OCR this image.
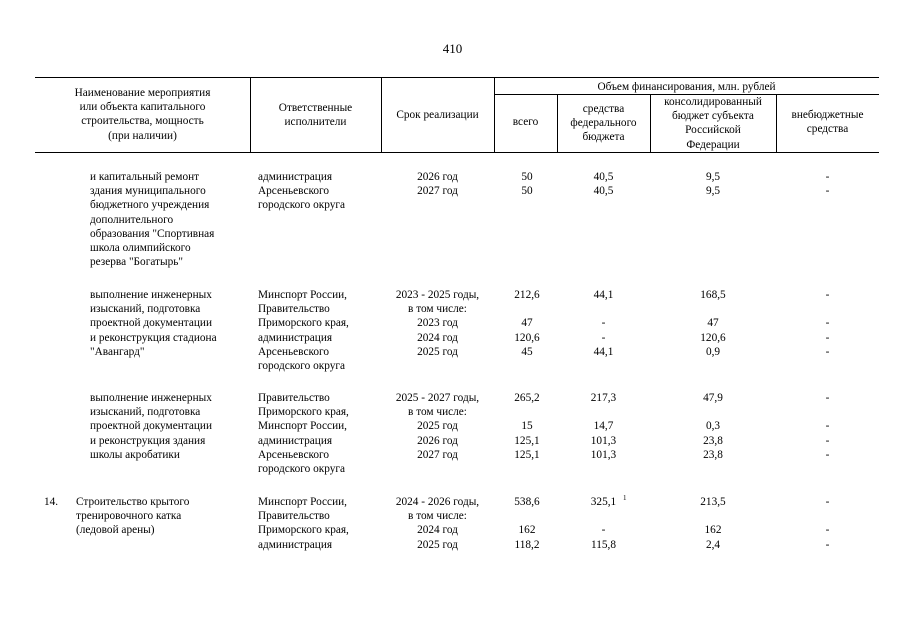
410
Наименование мероприятия
или объекта капитального
строительства, мощность
(при наличии)
Ответственные
исполнители
Срок реализации
Объем финансирования, млн. рублей
всего
средства
федерального
бюджета
консолидированный
бюджет субъекта
Российской
Федерации
внебюджетные
средства
и капитальный ремонт
здания муниципального
бюджетного учреждения
дополнительного
образования "Спортивная
школа олимпийского
резерва "Богатырь"
администрация
Арсеньевского
городского округа
2026 год
2027 год
50
50
40,5
40,5
9,5
9,5
-
-
выполнение инженерных
изысканий, подготовка
проектной документации
и реконструкция стадиона
"Авангард"
Минспорт России,
Правительство
Приморского края,
администрация
Арсеньевского
городского округа
2023 - 2025 годы,
в том числе:
2023 год
2024 год
2025 год
212,6

47
120,6
45
44,1

-
-
44,1
168,5

47
120,6
0,9
-

-
-
-
выполнение инженерных
изысканий, подготовка
проектной документации
и реконструкция здания
школы акробатики
Правительство
Приморского края,
Минспорт России,
администрация
Арсеньевского
городского округа
2025 - 2027 годы,
в том числе:
2025 год
2026 год
2027 год
265,2

15
125,1
125,1
217,3

14,7
101,3
101,3
47,9

0,3
23,8
23,8
-

-
-
-
14. Строительство крытого
тренировочного катка
(ледовой арены)
Минспорт России,
Правительство
Приморского края,
администрация
2024 - 2026 годы,
в том числе:
2024 год
2025 год
538,6

162
118,2
325,1

-
115,8
1	213,5

162
2,4
-

-
-
